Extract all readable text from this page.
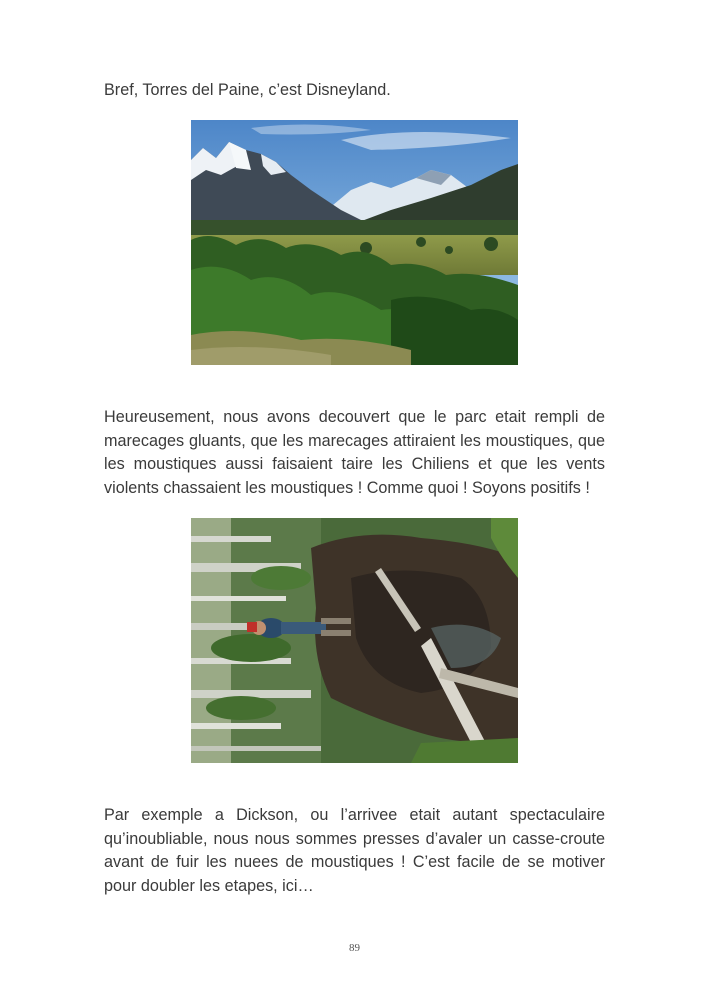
Bref, Torres del Paine, c’est Disneyland.

Heureusement, nous avons decouvert que le parc etait rempli de marecages gluants, que les marecages attiraient les moustiques, que les moustiques aussi faisaient taire les Chiliens et que les vents violents chassaient les moustiques ! Comme quoi ! Soyons positifs !

Par exemple a Dickson, ou l’arrivee etait autant spectaculaire qu’inoubliable, nous nous sommes presses d’avaler un casse-croute avant de fuir les nuees de moustiques ! C’est facile de se motiver pour doubler les etapes, ici…

89
